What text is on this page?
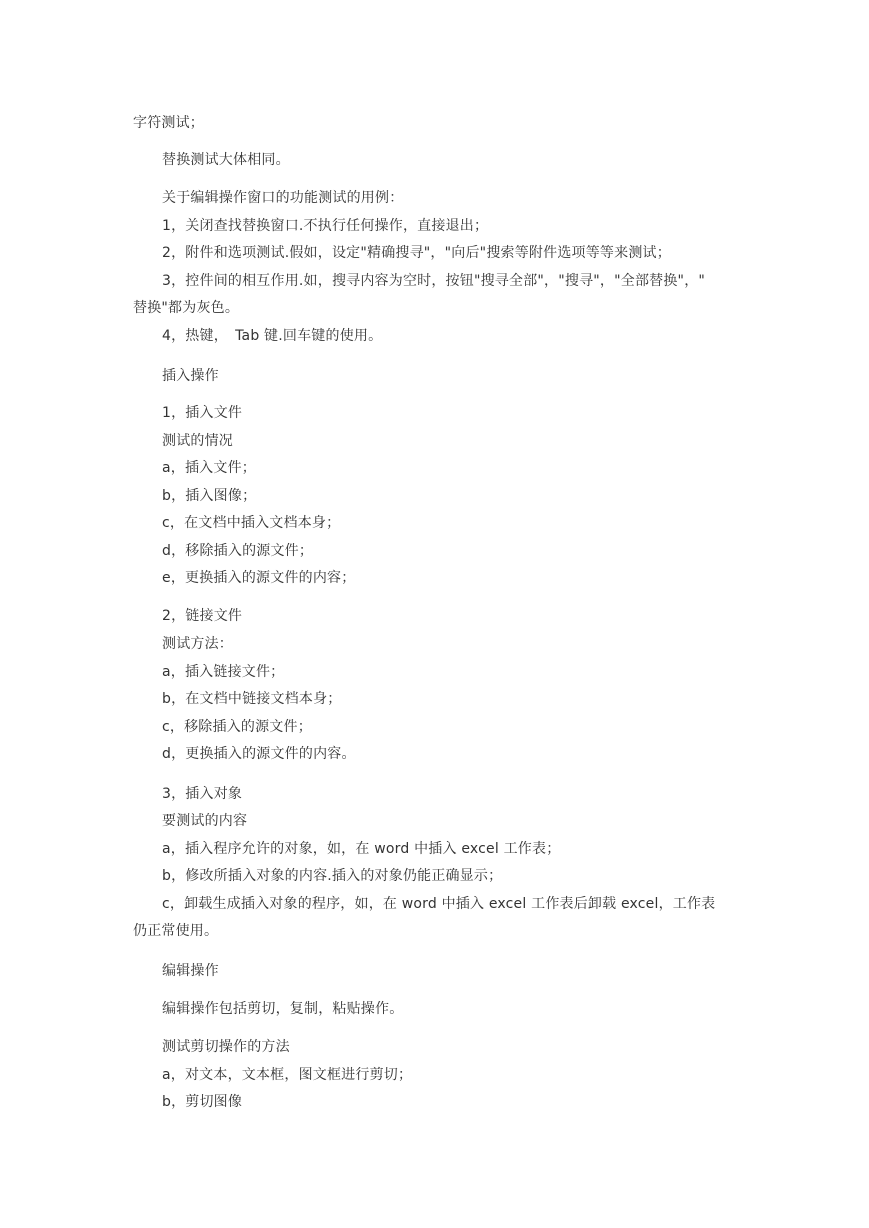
字符测试；
替换测试大体相同。
关于编辑操作窗口的功能测试的用例：
1，关闭查找替换窗口.不执行任何操作，直接退出；
2，附件和选项测试.假如，设定"精确搜寻"，"向后"搜索等附件选项等等来测试；
3，控件间的相互作用.如，搜寻内容为空时，按钮"搜寻全部"，"搜寻"，"全部替换"，"
替换"都为灰色。
4，热键，　Tab 键.回车键的使用。
插入操作
1，插入文件
测试的情况
a，插入文件；
b，插入图像；
c，在文档中插入文档本身；
d，移除插入的源文件；
e，更换插入的源文件的内容；
2，链接文件
测试方法：
a，插入链接文件；
b，在文档中链接文档本身；
c，移除插入的源文件；
d，更换插入的源文件的内容。
3，插入对象
要测试的内容
a，插入程序允许的对象，如，在 word 中插入 excel 工作表；
b，修改所插入对象的内容.插入的对象仍能正确显示；
c，卸载生成插入对象的程序，如，在 word 中插入 excel 工作表后卸载 excel，工作表
仍正常使用。
编辑操作
编辑操作包括剪切，复制，粘贴操作。
测试剪切操作的方法
a，对文本，文本框，图文框进行剪切；
b，剪切图像
